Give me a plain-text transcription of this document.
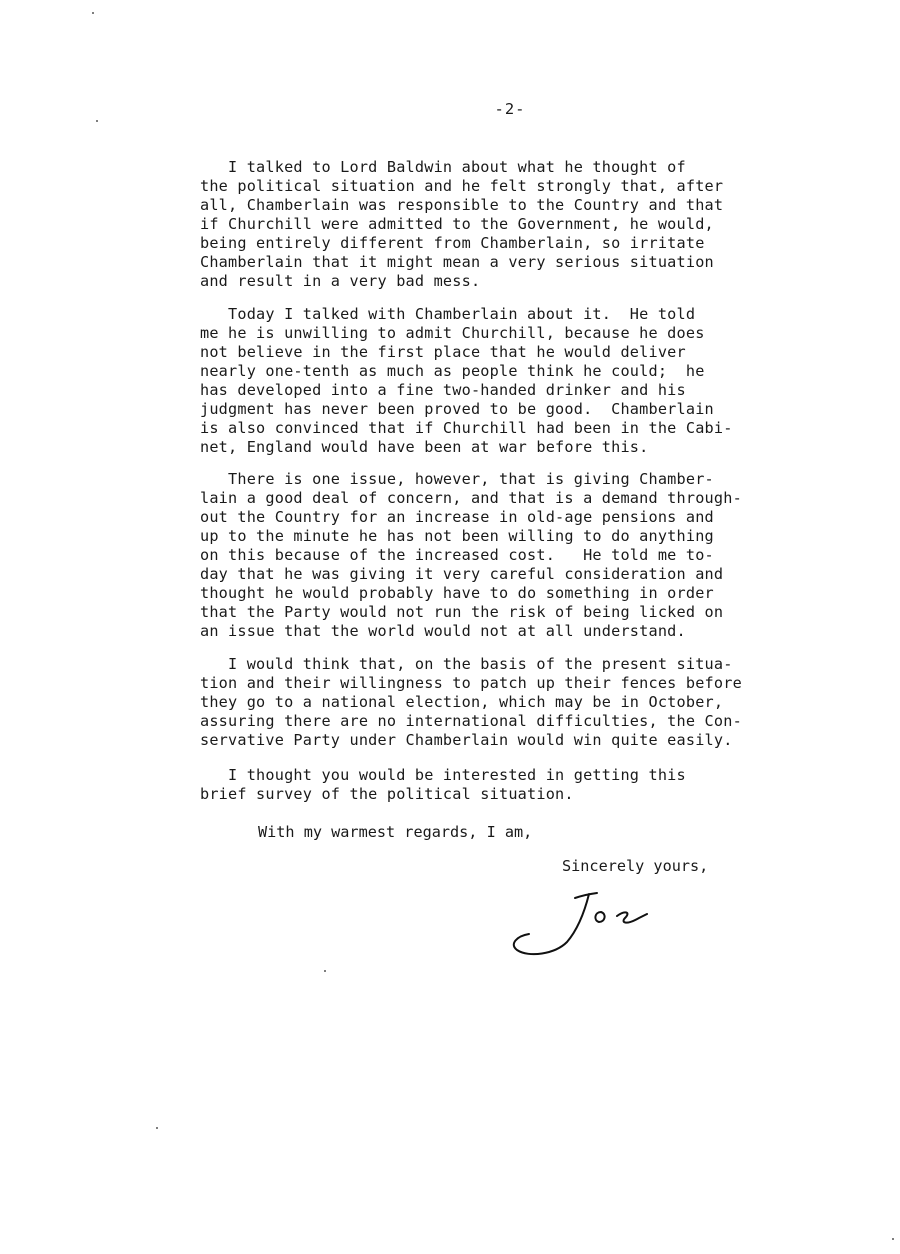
-2-

I talked to Lord Baldwin about what he thought of
the political situation and he felt strongly that, after
all, Chamberlain was responsible to the Country and that
if Churchill were admitted to the Government, he would,
being entirely different from Chamberlain, so irritate
Chamberlain that it might mean a very serious situation
and result in a very bad mess.

Today I talked with Chamberlain about it.  He told
me he is unwilling to admit Churchill, because he does
not believe in the first place that he would deliver
nearly one-tenth as much as people think he could;  he
has developed into a fine two-handed drinker and his
judgment has never been proved to be good.  Chamberlain
is also convinced that if Churchill had been in the Cabi-
net, England would have been at war before this.

There is one issue, however, that is giving Chamber-
lain a good deal of concern, and that is a demand through-
out the Country for an increase in old-age pensions and
up to the minute he has not been willing to do anything
on this because of the increased cost.   He told me to-
day that he was giving it very careful consideration and
thought he would probably have to do something in order
that the Party would not run the risk of being licked on
an issue that the world would not at all understand.

I would think that, on the basis of the present situa-
tion and their willingness to patch up their fences before
they go to a national election, which may be in October,
assuring there are no international difficulties, the Con-
servative Party under Chamberlain would win quite easily.

I thought you would be interested in getting this
brief survey of the political situation.

With my warmest regards, I am,

Sincerely yours,
